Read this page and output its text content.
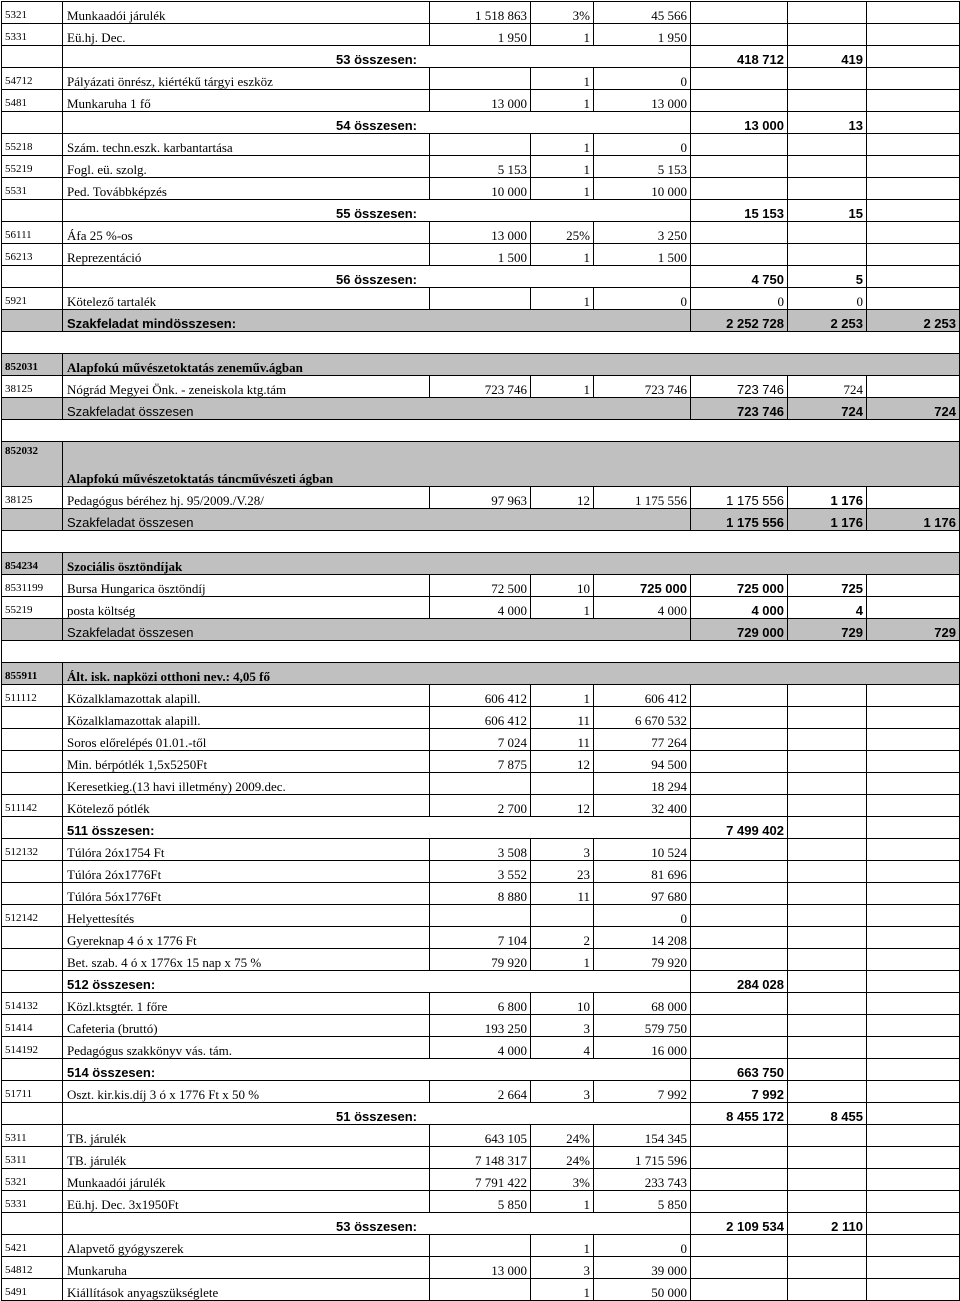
5321	Munkaadói járulék	1 518 863	3%	45 566			
5331	Eü.hj. Dec.	1 950	1	1 950			
	53 összesen:				418 712	419	
54712	Pályázati önrész, kiértékű tárgyi eszköz		1	0			
5481	Munkaruha 1 fő	13 000	1	13 000			
	54 összesen:				13 000	13	
55218	Szám. techn.eszk. karbantartása		1	0			
55219	Fogl. eü. szolg.	5 153	1	5 153			
5531	Ped. Továbbképzés	10 000	1	10 000			
	55 összesen:				15 153	15	
56111	Áfa 25 %-os	13 000	25%	3 250			
56213	Reprezentáció	1 500	1	1 500			
	56 összesen:				4 750	5	
5921	Kötelező tartalék		1	0	0	0	
	Szakfeladat mindösszesen:				2 252 728	2 253	2 253

852031	Alapfokú művészetoktatás zeneműv.ágban						
38125	Nógrád Megyei Önk. - zeneiskola ktg.tám	723 746	1	723 746	723 746	724	
	Szakfeladat összesen				723 746	724	724

852032	Alapfokú művészetoktatás táncművészeti ágban						
38125	Pedagógus béréhez hj. 95/2009./V.28/	97 963	12	1 175 556	1 175 556	1 176	
	Szakfeladat összesen				1 175 556	1 176	1 176

854234	Szociális ösztöndíjak						
8531199	Bursa Hungarica ösztöndíj	72 500	10	725 000	725 000	725	
55219	posta költség	4 000	1	4 000	4 000	4	
	Szakfeladat összesen				729 000	729	729

855911	Ált. isk. napközi otthoni nev.: 4,05 fő						
511112	Közalklamazottak alapill.	606 412	1	606 412			
	Közalklamazottak alapill.	606 412	11	6 670 532			
	Soros előrelépés 01.01.-től	7 024	11	77 264			
	Min. bérpótlék 1,5x5250Ft	7 875	12	94 500			
	Keresetkieg.(13 havi illetmény) 2009.dec.			18 294			
511142	Kötelező pótlék	2 700	12	32 400			
	511 összesen:				7 499 402		
512132	Túlóra 2óx1754 Ft	3 508	3	10 524			
	Túlóra 2óx1776Ft	3 552	23	81 696			
	Túlóra 5óx1776Ft	8 880	11	97 680			
512142	Helyettesítés			0			
	Gyereknap 4 ó x 1776 Ft	7 104	2	14 208			
	Bet. szab. 4 ó x 1776x 15 nap x 75 %	79 920	1	79 920			
	512 összesen:				284 028		
514132	Közl.ktsgtér. 1 főre	6 800	10	68 000			
51414	Cafeteria (bruttó)	193 250	3	579 750			
514192	Pedagógus szakkönyv vás. tám.	4 000	4	16 000			
	514 összesen:				663 750		
51711	Oszt. kir.kis.díj 3 ó x 1776 Ft x 50 %	2 664	3	7 992	7 992		
	51 összesen:				8 455 172	8 455	
5311	TB. járulék	643 105	24%	154 345			
5311	TB. járulék	7 148 317	24%	1 715 596			
5321	Munkaadói járulék	7 791 422	3%	233 743			
5331	Eü.hj. Dec. 3x1950Ft	5 850	1	5 850			
	53 összesen:				2 109 534	2 110	
5421	Alapvető gyógyszerek		1	0			
54812	Munkaruha	13 000	3	39 000			
5491	Kiállítások anyagszükséglete		1	50 000			
